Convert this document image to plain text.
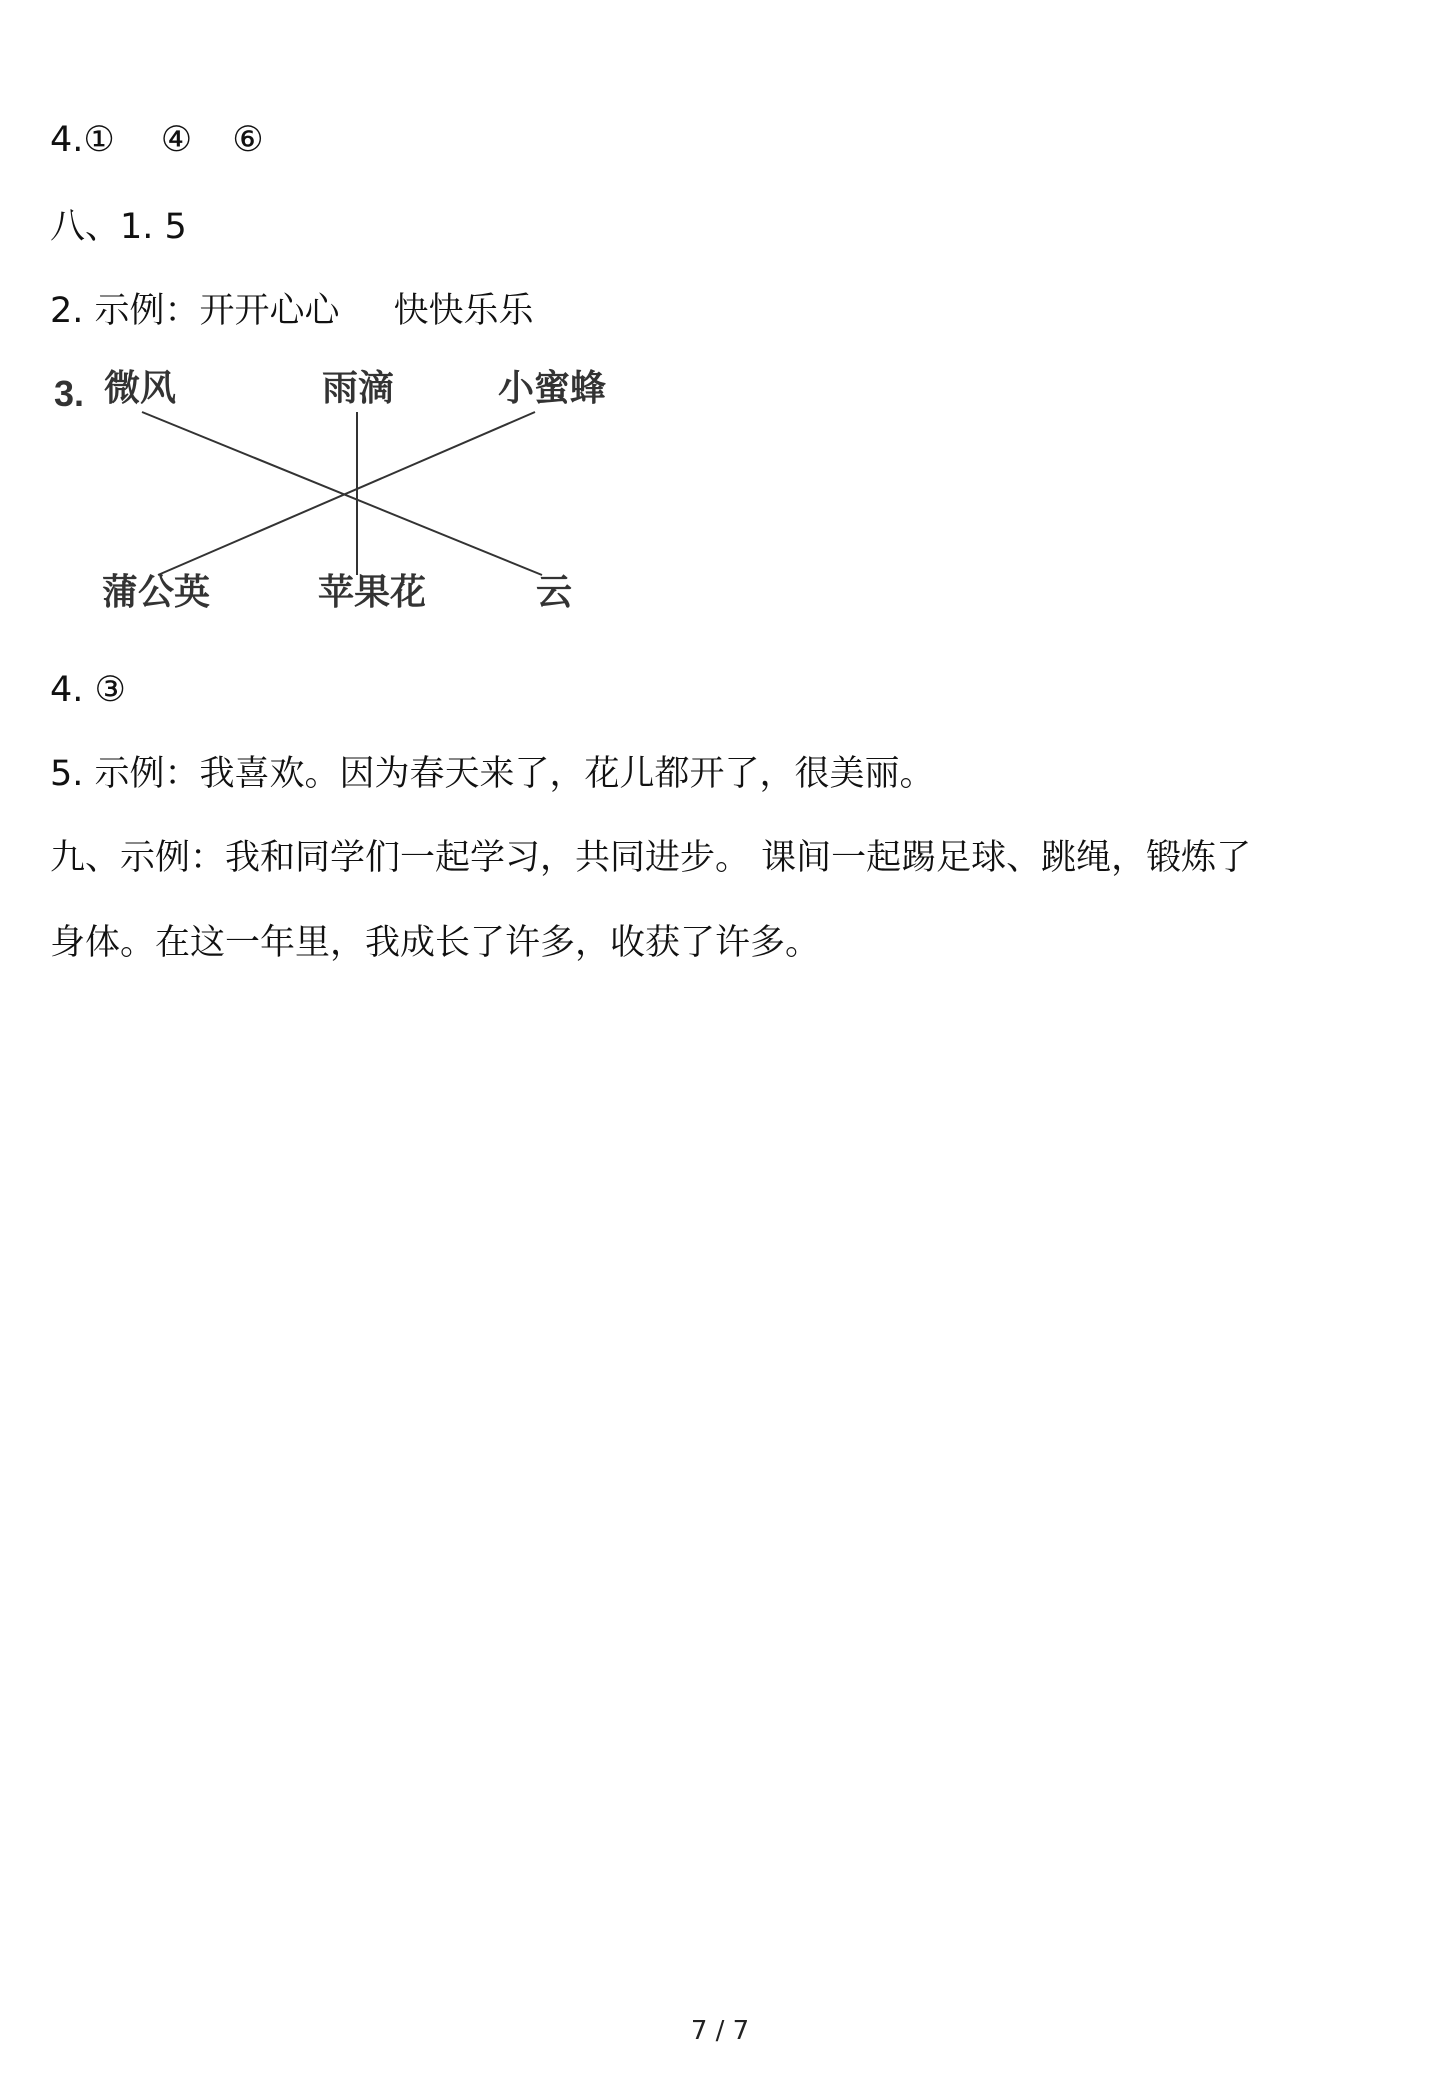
4.① ④ ⑥
八、1. 5
2. 示例：开开心心 快快乐乐
3. 微风	雨滴	小蜜蜂
蒲公英	苹果花	云
4. ③
5. 示例：我喜欢。因为春天来了，花儿都开了，很美丽。
九、示例：我和同学们一起学习，共同进步。 课间一起踢足球、跳绳，锻炼了
身体。在这一年里，我成长了许多，收获了许多。
7 / 7
